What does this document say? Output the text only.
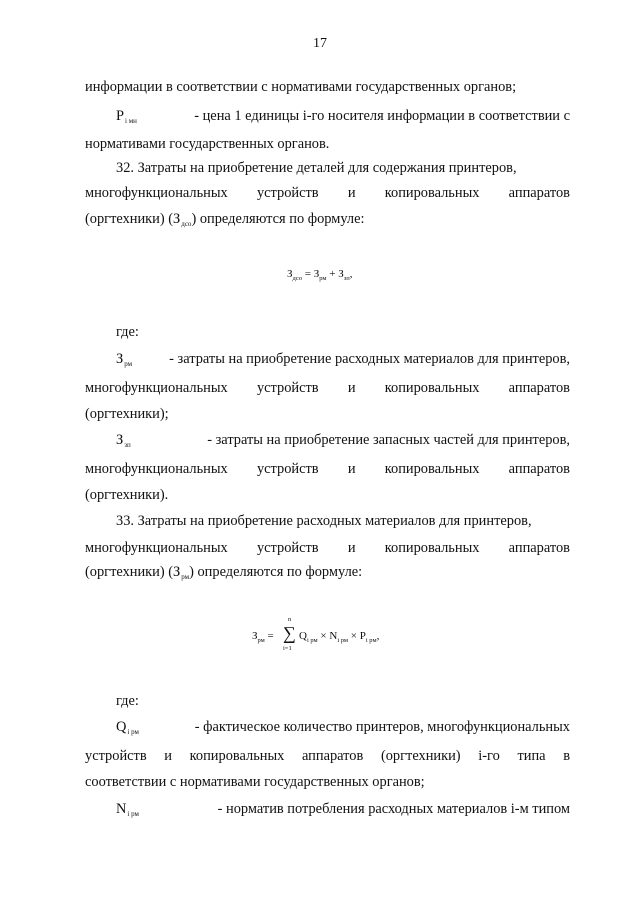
17
информации в соответствии с нормативами государственных органов;
$P_{i мн}$	- цена 1 единицы i-го носителя информации в соответствии с
нормативами государственных органов.
32. Затраты на приобретение деталей для содержания принтеров,
многофункциональных устройств и копировальных аппаратов
(оргтехники) $(З_{дсо})$ определяются по формуле:
$З_{дсо} = З_{рм} + З_{зп}$,
где:
$З_{рм}$	- затраты на приобретение расходных материалов для принтеров,
многофункциональных устройств и копировальных аппаратов
(оргтехники);
$З_{зп}$	- затраты на приобретение запасных частей для принтеров,
многофункциональных устройств и копировальных аппаратов
(оргтехники).
33. Затраты на приобретение расходных материалов для принтеров,
многофункциональных устройств и копировальных аппаратов
(оргтехники) $(З_{рм})$ определяются по формуле:
$З_{рм}$ =
n
∑
i=1
$Q_{i рм} \times N_{i рм} \times P_{i рм}$,
где:
$Q_{i рм}$	- фактическое количество принтеров, многофункциональных
устройств и копировальных аппаратов (оргтехники) i-го типа в
соответствии с нормативами государственных органов;
$N_{i рм}$	- норматив потребления расходных материалов i-м типом
